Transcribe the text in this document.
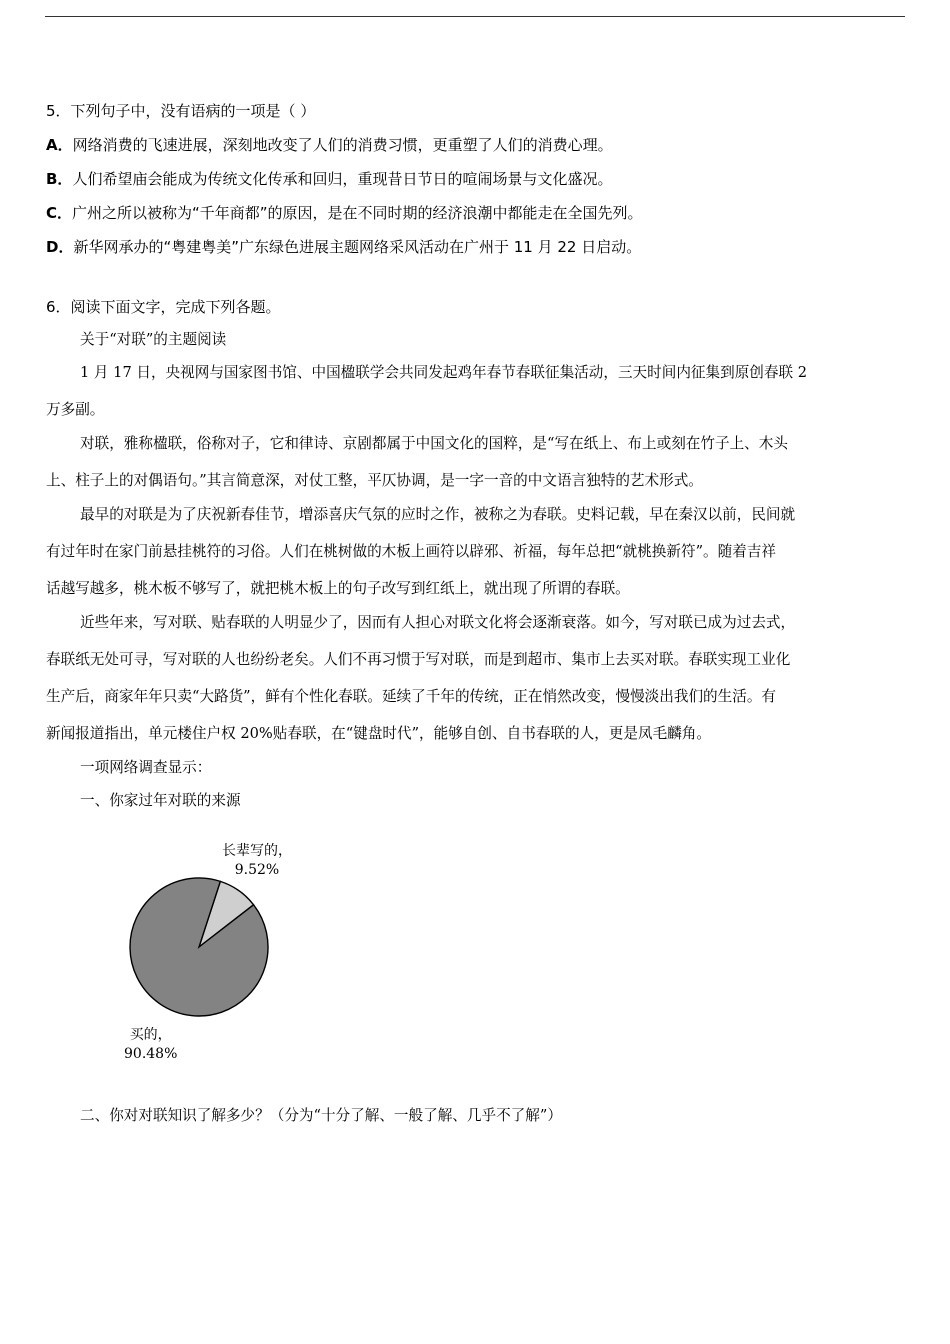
5．下列句子中，没有语病的一项是（ ）
A．网络消费的飞速进展，深刻地改变了人们的消费习惯，更重塑了人们的消费心理。
B．人们希望庙会能成为传统文化传承和回归，重现昔日节日的喧闹场景与文化盛况。
C．广州之所以被称为“千年商都”的原因，是在不同时期的经济浪潮中都能走在全国先列。
D．新华网承办的“粤建粤美”广东绿色进展主题网络采风活动在广州于 11 月 22 日启动。
6．阅读下面文字，完成下列各题。
关于“对联”的主题阅读
1 月 17 日，央视网与国家图书馆、中国楹联学会共同发起鸡年春节春联征集活动，三天时间内征集到原创春联 2
万多副。
对联，雅称楹联，俗称对子，它和律诗、京剧都属于中国文化的国粹，是“写在纸上、布上或刻在竹子上、木头
上、柱子上的对偶语句。”其言简意深，对仗工整，平仄协调，是一字一音的中文语言独特的艺术形式。
最早的对联是为了庆祝新春佳节，增添喜庆气氛的应时之作，被称之为春联。史料记载，早在秦汉以前，民间就
有过年时在家门前悬挂桃符的习俗。人们在桃树做的木板上画符以辟邪、祈福，每年总把“就桃换新符”。随着吉祥
话越写越多，桃木板不够写了，就把桃木板上的句子改写到红纸上，就出现了所谓的春联。
近些年来，写对联、贴春联的人明显少了，因而有人担心对联文化将会逐渐衰落。如今，写对联已成为过去式，
春联纸无处可寻，写对联的人也纷纷老矣。人们不再习惯于写对联，而是到超市、集市上去买对联。春联实现工业化
生产后，商家年年只卖“大路货”，鲜有个性化春联。延续了千年的传统，正在悄然改变，慢慢淡出我们的生活。有
新闻报道指出，单元楼住户权 20%贴春联，在“键盘时代”，能够自创、自书春联的人，更是凤毛麟角。
一项网络调查显示：
一、你家过年对联的来源
长辈写的，
9.52%
买的，
90.48%
二、你对对联知识了解多少？（分为“十分了解、一般了解、几乎不了解”）
